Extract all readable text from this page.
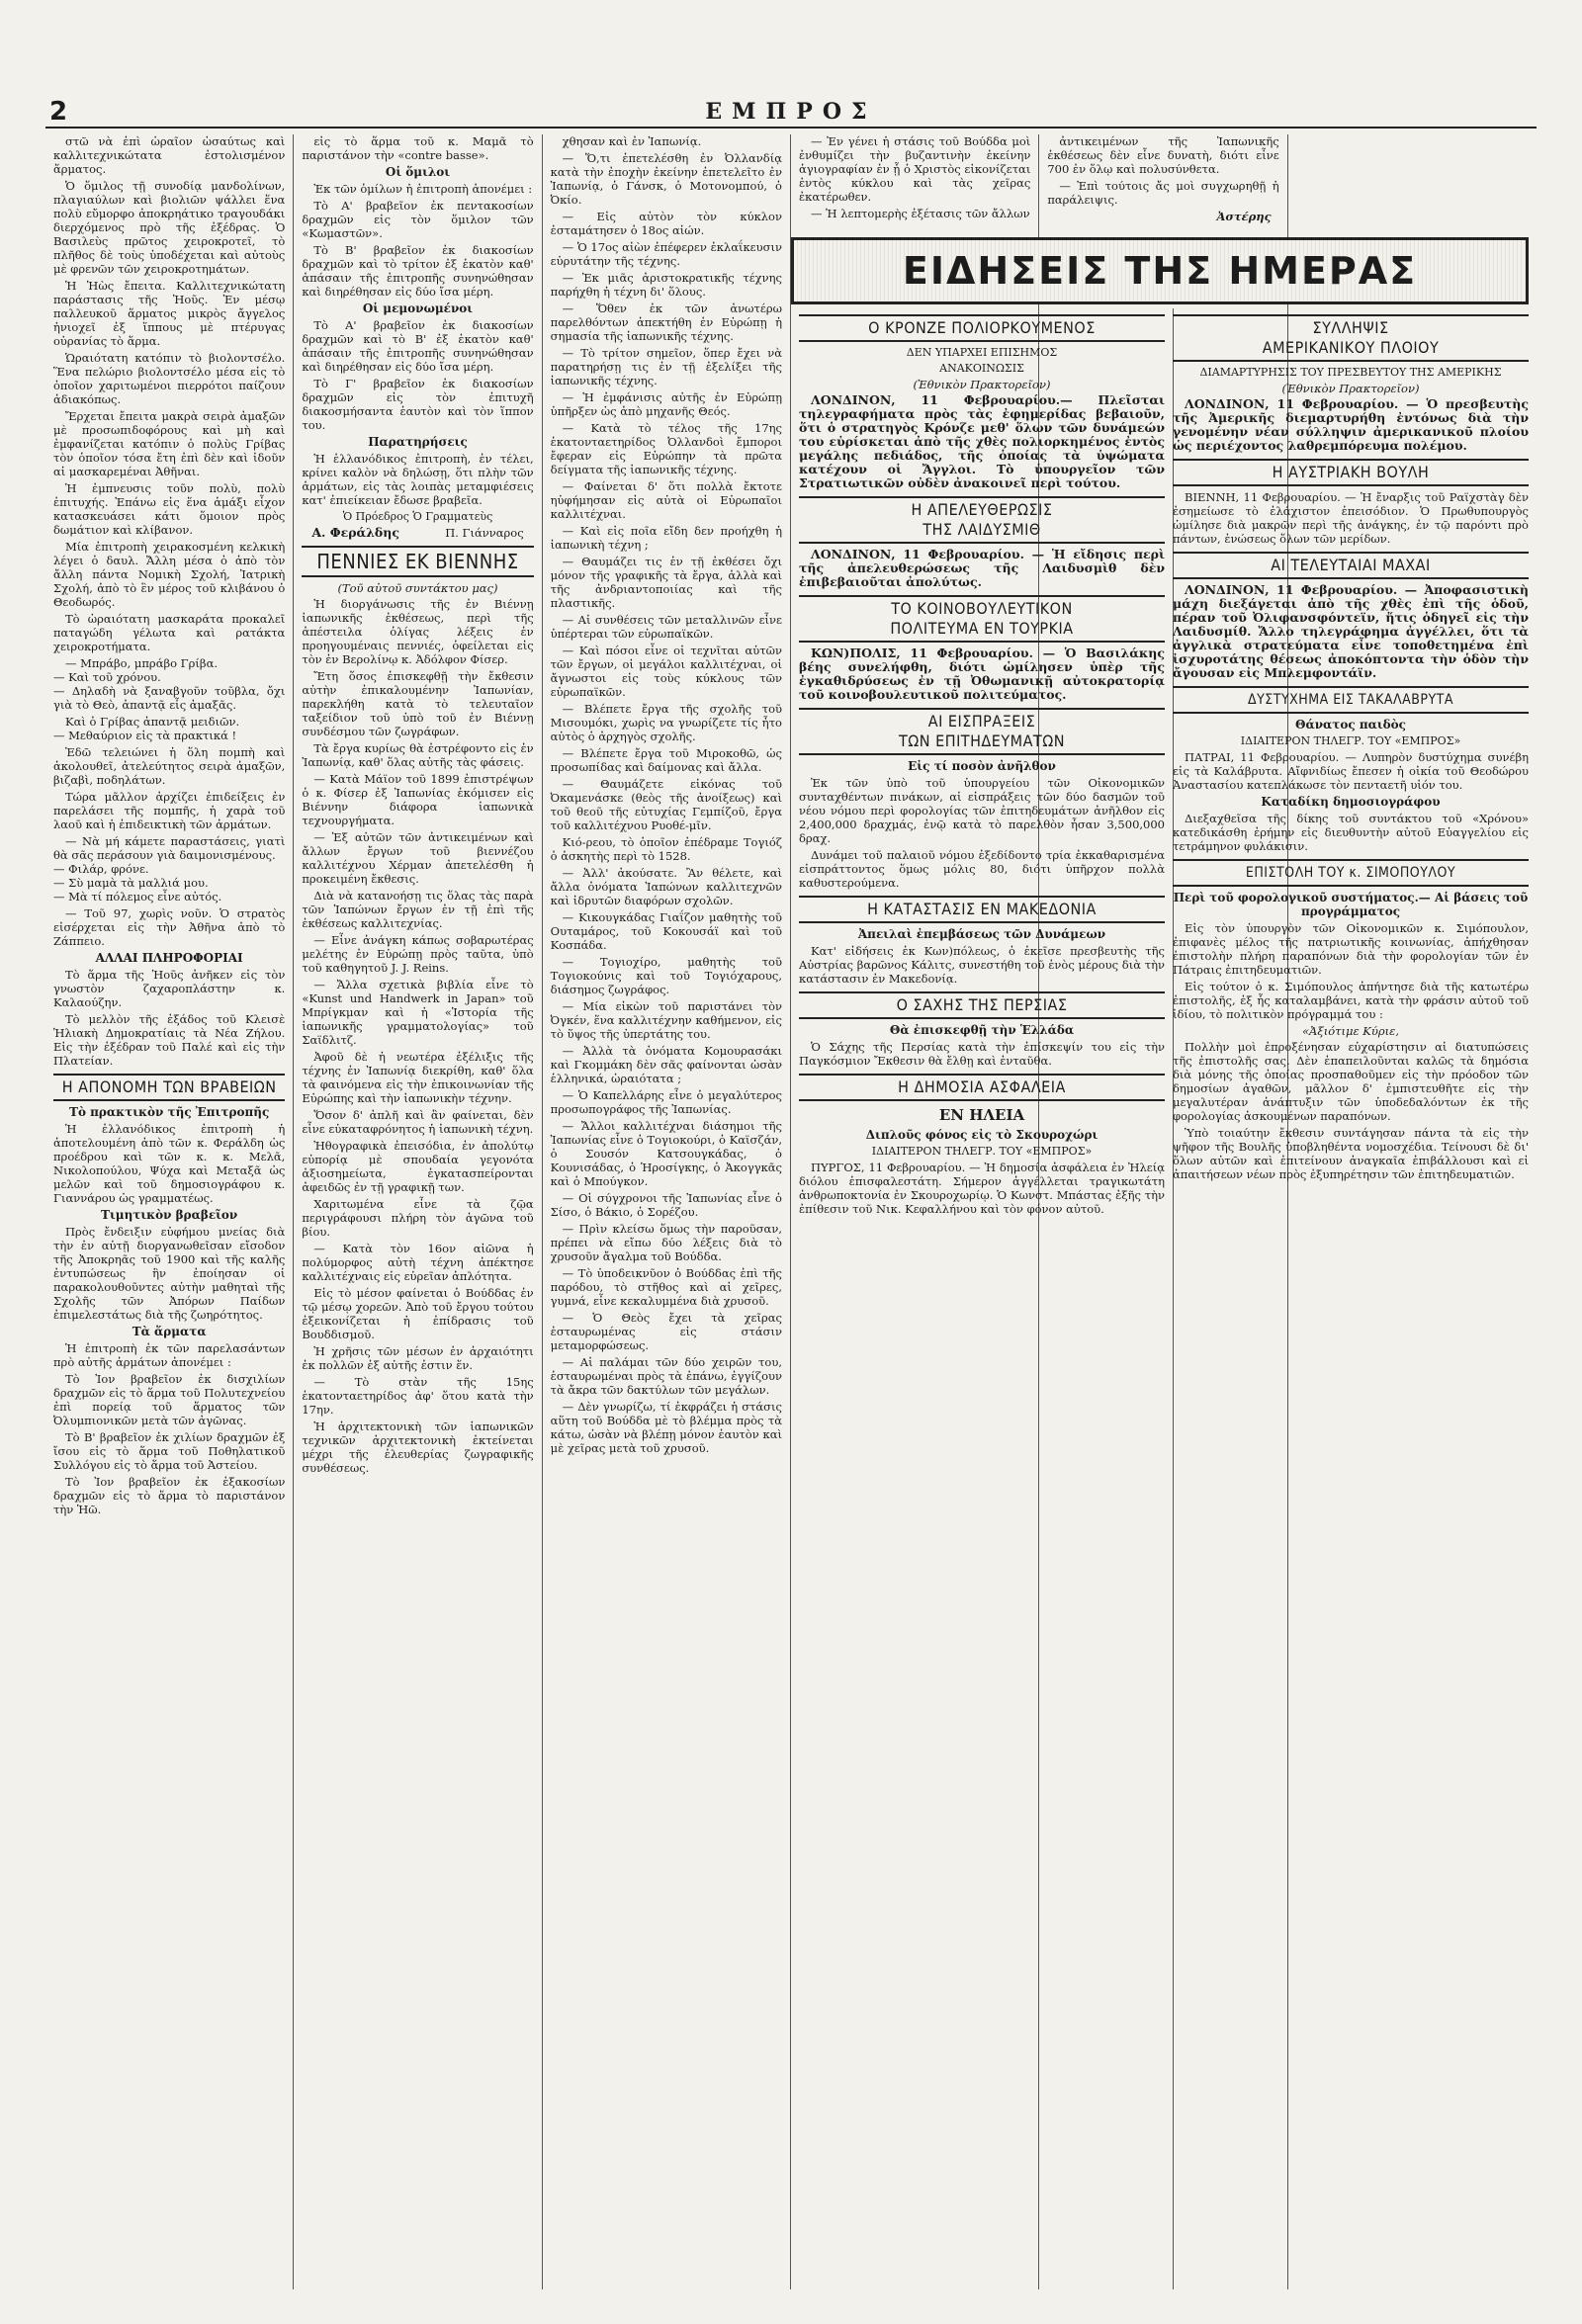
2	ΕΜΠΡΟΣ

στῶ νὰ ἐπὶ ὡραῖον ὡσαύτως καὶ καλλιτεχνικώτατα ἐστολισμένον ἅρματος.

Ὁ ὅμιλος τῇ συνοδίᾳ μανδολίνων, πλαγιαύλων καὶ βιολιῶν ψάλλει ἕνα πολὺ εὔμορφο ἀποκρηάτικο τραγουδάκι διερχόμενος πρὸ τῆς ἐξέδρας. Ὁ Βασιλεὺς πρῶτος χειροκροτεῖ, τὸ πλῆθος δὲ τοὺς ὑποδέχεται καὶ αὐτοὺς μὲ φρενῶν τῶν χειροκροτημάτων.

Ἡ Ἡὼς ἔπειτα. Καλλιτεχνικώτατη παράστασις τῆς Ἠοῦς. Ἐν μέσῳ παλλευκοῦ ἅρματος μικρὸς ἄγγελος ἡνιοχεῖ ἐξ ἵππους μὲ πτέρυγας οὐρανίας τὸ ἅρμα.

Ὡραιότατη κατόπιν τὸ βιολοντσέλο. Ἕνα πελώριο βιολοντσέλο μέσα εἰς τὸ ὁποῖον χαριτωμένοι πιερρότοι παίζουν ἀδιακόπως.

Ἔρχεται ἔπειτα μακρὰ σειρὰ ἀμαξῶν μὲ προσωπιδοφόρους καὶ μὴ καὶ ἐμφανίζεται κατόπιν ὁ πολὺς Γρίβας τὸν ὁποῖον τόσα ἔτη ἐπὶ δὲν καὶ ἰδοῦν αἱ μασκαρεμέναι Ἀθῆναι.

Ἡ ἐμπνευσις τοῦν πολὺ, πολὺ ἐπιτυχής. Ἐπάνω εἰς ἕνα ἁμάξι εἶχον κατασκευάσει κάτι ὅμοιον πρὸς δωμάτιον καὶ κλίβανον.

Μία ἐπιτροπὴ χειρακοσμένη κελκικὴ λέγει ὁ δαυλ. Ἄλλη μέσα ὁ ἀπὸ τὸν ἄλλη πάντα Νομικὴ Σχολή, Ἰατρικὴ Σχολή, ἀπὸ τὸ ἓν μέρος τοῦ κλιβάνου ὁ Θεοδωρός.

Τὸ ὡραιότατη μασκαράτα προκαλεῖ παταγώδη γέλωτα καὶ ρατάκτα χειροκροτήματα.

— Μπράβο, μπράβο Γρίβα.
— Καὶ τοῦ χρόνου.
— Δηλαδὴ νὰ ξαναβγοῦν τοῦβλα, ὄχι γιὰ τὸ Θεὸ, ἀπαντᾷ εἷς ἀμαξᾶς.

Καὶ ὁ Γρίβας ἀπαντᾷ μειδιῶν.
— Μεθαύριον εἰς τὰ πρακτικά !

Ἐδῶ τελειώνει ἡ ὅλη πομπὴ καὶ ἀκολουθεῖ, ἀτελεύτητος σειρὰ ἀμαξῶν, βιζαβὶ, ποδηλάτων.

Τώρα μᾶλλον ἀρχίζει ἐπιδείξεις ἐν παρελάσει τῆς πομπῆς, ἡ χαρὰ τοῦ λαοῦ καὶ ἡ ἐπιδεικτικὴ τῶν ἁρμάτων.

— Νὰ μή κάμετε παραστάσεις, γιατὶ θὰ σᾶς περάσουν γιὰ δαιμονισμένους.
— Φιλάρ, φρόνε.
— Σὺ μαμὰ τὰ μαλλιά μου.
— Μὰ τί πόλεμος εἶνε αὐτός.

— Τοῦ 97, χωρὶς νοῦν. Ὁ στρατὸς εἰσέρχεται εἰς τὴν Ἀθῆνα ἀπὸ τὸ Ζάππειο.

ΑΛΛΑΙ ΠΛΗΡΟΦΟΡΙΑΙ

Τὸ ἅρμα τῆς Ἠοῦς ἀνῆκεν εἰς τὸν γνωστὸν ζαχαροπλάστην κ. Καλαούζην.

Τὸ μελλὸν τῆς ἐξάδος τοῦ Κλεισὲ Ἡλιακὴ Δημοκρατίαις τὰ Νέα Ζήλου. Εἰς τὴν ἐξέδραν τοῦ Παλέ καὶ εἰς τὴν Πλατείαν.

Η ΑΠΟΝΟΜΗ ΤΩΝ ΒΡΑΒΕΙΩΝ
Τὸ πρακτικὸν τῆς Ἐπιτροπῆς

Ἡ ἑλλανόδικος ἐπιτροπὴ ἡ ἀποτελουμένη ἀπὸ τῶν κ. Φεράλδη ὡς προέδρου καὶ τῶν κ. κ. Μελᾶ, Νικολοπούλου, Ψύχα καὶ Μεταξᾶ ὡς μελῶν καὶ τοῦ δημοσιογράφου κ. Γιαννάρου ὡς γραμματέως.

Τιμητικὸν βραβεῖον

Πρὸς ἔνδειξιν εὐφήμου μνείας διὰ τὴν ἐν αὐτῇ διοργανωθεῖσαν εἴσοδον τῆς Ἀποκρηᾶς τοῦ 1900 καὶ τῆς καλῆς ἐντυπώσεως ἣν ἐποίησαν οἱ παρακολουθοῦντες αὐτὴν μαθηταὶ τῆς Σχολῆς τῶν Ἀπόρων Παίδων ἐπιμελεστάτως διὰ τῆς ζωηρότητος.

Τὰ ἅρματα

Ἡ ἐπιτροπὴ ἐκ τῶν παρελασάντων πρὸ αὐτῆς ἁρμάτων ἀπονέμει :

Τὸ Ἰον βραβεῖον ἐκ δισχιλίων δραχμῶν εἰς τὸ ἅρμα τοῦ Πολυτεχνείου ἐπὶ πορείᾳ τοῦ ἅρματος τῶν Ὀλυμπιονικῶν μετὰ τῶν ἀγῶνας.

Τὸ Β' βραβεῖον ἐκ χιλίων δραχμῶν ἐξ ἴσου εἰς τὸ ἅρμα τοῦ Ποθηλατικοῦ Συλλόγου εἰς τὸ ἅρμα τοῦ Ἀστείου.

Τὸ Ἰον βραβεῖον ἐκ ἑξακοσίων δραχμῶν εἰς τὸ ἅρμα τὸ παριστάνον τὴν Ἡῶ.

εἰς τὸ ἅρμα τοῦ κ. Μαμᾶ τὸ παριστάνον τὴν «contre basse».

Οἱ ὅμιλοι

Ἐκ τῶν ὁμίλων ἡ ἐπιτροπὴ ἀπονέμει :

Τὸ Α' βραβεῖον ἐκ πεντακοσίων δραχμῶν εἰς τὸν ὅμιλον τῶν «Κωμαστῶν».

Τὸ Β' βραβεῖον ἐκ διακοσίων δραχμῶν καὶ τὸ τρίτον ἐξ ἑκατὸν καθ' ἁπάσαιν τῆς ἐπιτροπῆς συνηνώθησαν καὶ διηρέθησαν εἰς δύο ἴσα μέρη.

Οἱ μεμονωμένοι

Τὸ Α' βραβεῖον ἐκ διακοσίων δραχμῶν καὶ τὸ Β' ἐξ ἑκατὸν καθ' ἁπάσαιν τῆς ἐπιτροπῆς συνηνώθησαν καὶ διηρέθησαν εἰς δύο ἴσα μέρη.

Τὸ Γ' βραβεῖον ἐκ διακοσίων δραχμῶν εἰς τὸν ἐπιτυχῆ διακοσμήσαντα ἑαυτὸν καὶ τὸν ἵππον του.

Παρατηρήσεις

Ἡ ἑλλανόδικος ἐπιτροπὴ, ἐν τέλει, κρίνει καλὸν νὰ δηλώσῃ, ὅτι πλὴν τῶν ἁρμάτων, εἰς τὰς λοιπὰς μεταμφιέσεις κατ' ἐπιείκειαν ἔδωσε βραβεῖα.

Ὁ Πρόεδρος Ὁ Γραμματεὺς
Α. Φεράλδης	Π. Γιάνναρος
ΠΕΝΝΙΕΣ ΕΚ ΒΙΕΝΝΗΣ
(Τοῦ αὐτοῦ συντάκτου μας)

Ἡ διοργάνωσις τῆς ἐν Βιέννῃ ἰαπωνικῆς ἐκθέσεως, περὶ τῆς ἀπέστειλα ὀλίγας λέξεις ἐν προηγουμέναις πεννιές, ὀφείλεται εἰς τὸν ἐν Βερολίνῳ κ. Ἀδόλφον Φίσερ.

Ἔτη ὅσος ἐπισκεφθῇ τὴν ἔκθεσιν αὐτὴν ἐπικαλουμένην Ἰαπωνίαν, παρεκλήθη κατὰ τὸ τελευταῖον ταξείδιον τοῦ ὑπὸ τοῦ ἐν Βιέννῃ συνδέσμου τῶν ζωγράφων.

Τὰ ἔργα κυρίως θὰ ἐστρέφοντο εἰς ἐν Ἰαπωνίᾳ, καθ' ὅλας αὐτῆς τὰς φάσεις.

— Κατὰ Μάϊον τοῦ 1899 ἐπιστρέψων ὁ κ. Φίσερ ἐξ Ἰαπωνίας ἐκόμισεν εἰς Βιέννην διάφορα ἰαπωνικὰ τεχνουργήματα.

— Ἐξ αὐτῶν τῶν ἀντικειμένων καὶ ἄλλων ἔργων τοῦ βιεννέζου καλλιτέχνου Χέρμαν ἀπετελέσθη ἡ προκειμένη ἔκθεσις.

Διὰ νὰ κατανοήσῃ τις ὅλας τὰς παρὰ τῶν Ἰαπώνων ἔργων ἐν τῇ ἐπὶ τῆς ἐκθέσεως καλλιτεχνίας.

— Εἶνε ἀνάγκη κάπως σοβαρωτέρας μελέτης ἐν Εὐρώπῃ πρὸς ταῦτα, ὑπὸ τοῦ καθηγητοῦ J. J. Reins.

— Ἄλλα σχετικὰ βιβλία εἶνε τὸ «Kunst und Handwerk in Japan» τοῦ Μπρίγκμαν καὶ ἡ «Ἱστορία τῆς ἰαπωνικῆς γραμματολογίας» τοῦ Σαϊδλιτζ.

Ἀφοῦ δὲ ἡ νεωτέρα ἐξέλιξις τῆς τέχνης ἐν Ἰαπωνίᾳ διεκρίθη, καθ' ὅλα τὰ φαινόμενα εἰς τὴν ἐπικοινωνίαν τῆς Εὐρώπης καὶ τὴν ἰαπωνικὴν τέχνην.

Ὅσον δ' ἀπλῆ καὶ ἂν φαίνεται, δὲν εἶνε εὐκαταφρόνητος ἡ ἰαπωνικὴ τέχνη.

Ἡθογραφικὰ ἐπεισόδια, ἐν ἀπολύτῳ εὐπορίᾳ μὲ σπουδαία γεγονότα ἀξιοσημείωτα, ἐγκατασπείρονται ἀφειδῶς ἐν τῇ γραφικῇ των.

Χαριτωμένα εἶνε τὰ ζῷα περιγράφουσι πλήρη τὸν ἀγῶνα τοῦ βίου.

— Κατὰ τὸν 16ον αἰῶνα ἡ πολύμορφος αὐτὴ τέχνη ἀπέκτησε καλλιτέχναις εἰς εὐρεῖαν ἀπλότητα.

Εἰς τὸ μέσον φαίνεται ὁ Βούδδας ἐν τῷ μέσῳ χορεῶν. Ἀπὸ τοῦ ἔργου τούτου ἐξεικονίζεται ἡ ἐπίδρασις τοῦ Βουδδισμοῦ.

Ἡ χρῆσις τῶν μέσων ἐν ἀρχαιότητι ἐκ πολλῶν ἐξ αὐτῆς ἐστιν ἕν.

— Τὸ στὰν τῆς 15ης ἑκατονταετηρίδος ἀφ' ὅτου κατὰ τὴν 17ην.

Ἡ ἀρχιτεκτονικὴ τῶν ἰαπωνικῶν τεχνικῶν ἀρχιτεκτονικὴ ἐκτείνεται μέχρι τῆς ἐλευθερίας ζωγραφικῆς συνθέσεως.

χθησαν καὶ ἐν Ἰαπωνίᾳ.

— Ὅ,τι ἐπετελέσθη ἐν Ὀλλανδίᾳ κατὰ τὴν ἐποχὴν ἐκείνην ἐπετελεῖτο ἐν Ἰαπωνίᾳ, ὁ Γάνσκ, ὁ Μοτονομπού, ὁ Ὀκίο.

— Εἰς αὐτὸν τὸν κύκλον ἐσταμάτησεν ὁ 18ος αἰών.

— Ὁ 17ος αἰὼν ἐπέφερεν ἐκλαΐκευσιν εὐρυτάτην τῆς τέχνης.

— Ἐκ μιᾶς ἀριστοκρατικῆς τέχνης παρήχθη ἡ τέχνη δι' ὅλους.

— Ὅθεν ἐκ τῶν ἀνωτέρω παρελθόντων ἀπεκτήθη ἐν Εὐρώπῃ ἡ σημασία τῆς ἰαπωνικῆς τέχνης.

— Τὸ τρίτον σημεῖον, ὅπερ ἔχει νὰ παρατηρήσῃ τις ἐν τῇ ἐξελίξει τῆς ἰαπωνικῆς τέχνης.

— Ἡ ἐμφάνισις αὐτῆς ἐν Εὐρώπῃ ὑπῆρξεν ὡς ἀπὸ μηχανῆς Θεός.

— Κατὰ τὸ τέλος τῆς 17ης ἑκατονταετηρίδος Ὀλλανδοὶ ἔμποροι ἔφεραν εἰς Εὐρώπην τὰ πρῶτα δείγματα τῆς ἰαπωνικῆς τέχνης.

— Φαίνεται δ' ὅτι πολλὰ ἔκτοτε ηὐφήμησαν εἰς αὐτὰ οἱ Εὐρωπαῖοι καλλιτέχναι.

— Καὶ εἰς ποῖα εἴδη δεν προήχθη ἡ ἰαπωνικὴ τέχνη ;

— Θαυμάζει τις ἐν τῇ ἐκθέσει ὄχι μόνον τῆς γραφικῆς τὰ ἔργα, ἀλλὰ καὶ τῆς ἀνδριαντοποιίας καὶ τῆς πλαστικῆς.

— Αἱ συνθέσεις τῶν μεταλλινῶν εἶνε ὑπέρτεραι τῶν εὐρωπαϊκῶν.

— Καὶ πόσοι εἶνε οἱ τεχνῖται αὐτῶν τῶν ἔργων, οἱ μεγάλοι καλλιτέχναι, οἱ ἄγνωστοι εἰς τοὺς κύκλους τῶν εὐρωπαϊκῶν.

— Βλέπετε ἔργα τῆς σχολῆς τοῦ Μισουμόκι, χωρὶς να γνωρίζετε τίς ἦτο αὐτὸς ὁ ἀρχηγὸς σχολῆς.

— Βλέπετε ἔργα τοῦ Μιροκοθῶ, ὡς προσωπίδας καὶ δαίμονας καὶ ἄλλα.

— Θαυμάζετε εἰκόνας τοῦ Ὀκαμενάσκε (θεὸς τῆς ἀνοίξεως) καὶ τοῦ θεοῦ τῆς εὐτυχίας Γεμπίζοῦ, ἔργα τοῦ καλλιτέχνου Ρυοθέ-μῖν.

Κιό-ρεου, τὸ ὁποῖον ἐπέδραμε Τογιόζ ὁ ἀσκητὴς περὶ τὸ 1528.

— Ἀλλ' ἀκούσατε. Ἂν θέλετε, καὶ ἄλλα ὀνόματα Ἰαπώνων καλλιτεχνῶν καὶ ἱδρυτῶν διαφόρων σχολῶν.

— Κικουγκάδας Γιαΐζον μαθητὴς τοῦ Ουταμάρος, τοῦ Κοκουσάϊ καὶ τοῦ Κοσπάδα.

— Τογιοχίρο, μαθητὴς τοῦ Τογιοκούνις καὶ τοῦ Τογιόχαρους, διάσημος ζωγράφος.

— Μία εἰκὼν τοῦ παριστάνει τὸν Ὀγκέν, ἕνα καλλιτέχνην καθήμενον, εἰς τὸ ὕψος τῆς ὑπερτάτης του.

— Ἀλλὰ τὰ ὀνόματα Κομουρασάκι καὶ Γκομμάκη δὲν σᾶς φαίνονται ὡσὰν ἑλληνικά, ὡραιότατα ;

— Ὁ Καπελλάρης εἶνε ὁ μεγαλύτερος προσωπογράφος τῆς Ἰαπωνίας.

— Ἄλλοι καλλιτέχναι διάσημοι τῆς Ἰαπωνίας εἶνε ὁ Τογιοκούρι, ὁ Καϊσζάν, ὁ Σουσόν Κατσουγκάδας, ὁ Κουνισάδας, ὁ Ἡροσίγκης, ὁ Ἀκογγκᾶς καὶ ὁ Μπούγκον.

— Οἱ σύγχρονοι τῆς Ἰαπωνίας εἶνε ὁ Σίσο, ὁ Βάκιο, ὁ Σορέζου.

— Πρὶν κλείσω ὅμως τὴν παροῦσαν, πρέπει νὰ εἴπω δύο λέξεις διὰ τὸ χρυσοῦν ἄγαλμα τοῦ Βούδδα.

— Τὸ ὑποδεικνῦον ὁ Βούδδας ἐπὶ τῆς παρόδου, τὸ στῆθος καὶ αἱ χεῖρες, γυμνά, εἶνε κεκαλυμμένα διὰ χρυσοῦ.

— Ὁ Θεὸς ἔχει τὰ χεῖρας ἐσταυρωμένας εἰς στάσιν μεταμορφώσεως.

— Αἱ παλάμαι τῶν δύο χειρῶν του, ἐσταυρωμέναι πρὸς τὰ ἐπάνω, ἐγγίζουν τὰ ἄκρα τῶν δακτύλων τῶν μεγάλων.

— Δὲν γνωρίζω, τί ἐκφράζει ἡ στάσις αὕτη τοῦ Βούδδα μὲ τὸ βλέμμα πρὸς τὰ κάτω, ὡσὰν νὰ βλέπῃ μόνον ἑαυτὸν καὶ μὲ χεῖρας μετὰ τοῦ χρυσοῦ.

— Ἐν γένει ἡ στάσις τοῦ Βούδδα μοὶ ἐνθυμίζει τὴν βυζαντινὴν ἐκείνην ἁγιογραφίαν ἐν ᾗ ὁ Χριστὸς εἰκονίζεται ἐντὸς κύκλου καὶ τὰς χεῖρας ἐκατέρωθεν.

— Ἡ λεπτομερὴς ἐξέτασις τῶν ἄλλων

ἀντικειμένων τῆς Ἰαπωνικῆς ἐκθέσεως δὲν εἶνε δυνατὴ, διότι εἶνε 700 ἐν ὅλῳ καὶ πολυσύνθετα.

— Ἐπὶ τούτοις ἄς μοὶ συγχωρηθῇ ἡ παράλειψις.

Ἀστέρης
ΕΙΔΗΣΕΙΣ ΤΗΣ ΗΜΕΡΑΣ
Ο ΚΡΟΝΖΕ ΠΟΛΙΟΡΚΟΥΜΕΝΟΣ
ΔΕΝ ΥΠΑΡΧΕΙ ΕΠΙΣΗΜΟΣ
ΑΝΑΚΟΙΝΩΣΙΣ
(Ἑθνικὸν Πρακτορεῖον)

ΛΟΝΔΙΝΟΝ, 11 Φεβρουαρίου.— Πλεῖσται τηλεγραφήματα πρὸς τὰς ἐφημερίδας βεβαιοῦν, ὅτι ὁ στρατηγὸς Κρόνζε μεθ' ὅλων τῶν δυνάμεών του εὑρίσκεται ἀπὸ τῆς χθὲς πολιορκημένος ἐντὸς μεγάλης πεδιάδος, τῆς ὁποίας τὰ ὑψώματα κατέχουν οἱ Ἄγγλοι. Τὸ ὑπουργεῖον τῶν Στρατιωτικῶν οὐδὲν ἀνακοινεῖ περὶ τούτου.

Η ΑΠΕΛΕΥΘΕΡΩΣΙΣ
ΤΗΣ ΛΑΙΔΥΣΜΙΘ

ΛΟΝΔΙΝΟΝ, 11 Φεβρουαρίου. — Ἡ εἴδησις περὶ τῆς ἀπελευθερώσεως τῆς Λαιδυσμὶθ δὲν ἐπιβεβαιοῦται ἀπολύτως.

ΤΟ ΚΟΙΝΟΒΟΥΛΕΥΤΙΚΟΝ
ΠΟΛΙΤΕΥΜΑ ΕΝ ΤΟΥΡΚΙΑ

ΚΩΝ)ΠΟΛΙΣ, 11 Φεβρουαρίου. — Ὁ Βασιλάκης βέης συνελήφθη, διότι ὡμίλησεν ὑπὲρ τῆς ἐγκαθιδρύσεως ἐν τῇ Ὀθωμανικῇ αὐτοκρατορίᾳ τοῦ κοινοβουλευτικοῦ πολιτεύματος.

ΑΙ ΕΙΣΠΡΑΞΕΙΣ
ΤΩΝ ΕΠΙΤΗΔΕΥΜΑΤΩΝ
Εἰς τί ποσὸν ἀνῆλθον

Ἐκ τῶν ὑπὸ τοῦ ὑπουργείου τῶν Οἰκονομικῶν συνταχθέντων πινάκων, αἱ εἰσπράξεις τῶν δύο δασμῶν τοῦ νέου νόμου περὶ φορολογίας τῶν ἐπιτηδευμάτων ἀνῆλθον εἰς 2,400,000 δραχμάς, ἐνῷ κατὰ τὸ παρελθὸν ἦσαν 3,500,000 δραχ.

Δυνάμει τοῦ παλαιοῦ νόμου ἐξεδίδοντο τρία ἐκκαθαρισμένα εἰσπράττοντος ὅμως μόλις 80, διότι ὑπῆρχον πολλὰ καθυστερούμενα.

Η ΚΑΤΑΣΤΑΣΙΣ ΕΝ ΜΑΚΕΔΟΝΙΑ
Ἀπειλαὶ ἐπεμβάσεως τῶν Δυνάμεων

Κατ' εἰδήσεις ἐκ Κων)πόλεως, ὁ ἐκεῖσε πρεσβευτὴς τῆς Αὐστρίας βαρῶνος Κάλιτς, συνεστήθη τοῦ ἑνὸς μέρους διὰ τὴν κατάστασιν ἐν Μακεδονίᾳ.

Ο ΣΑΧΗΣ ΤΗΣ ΠΕΡΣΙΑΣ
Θὰ ἐπισκεφθῇ τὴν Ἑλλάδα

Ὁ Σάχης τῆς Περσίας κατὰ τὴν ἐπίσκεψίν του εἰς τὴν Παγκόσμιον Ἔκθεσιν θὰ ἔλθῃ καὶ ἐνταῦθα.

Η ΔΗΜΟΣΙΑ ΑΣΦΑΛΕΙΑ
ΕΝ ΗΛΕΙΑ
Διπλοῦς φόνος εἰς τὸ Σκουροχώρι
ΙΔΙΑΙΤΕΡΟΝ ΤΗΛΕΓΡ. ΤΟΥ «ΕΜΠΡΟΣ»

ΠΥΡΓΟΣ, 11 Φεβρουαρίου. — Ἡ δημοσία ἀσφάλεια ἐν Ἠλείᾳ διόλου ἐπισφαλεστάτη. Σήμερον ἀγγέλλεται τραγικωτάτη ἀνθρωποκτονία ἐν Σκουροχωρίῳ. Ὁ Κωνστ. Μπάστας ἐξῆς τὴν ἐπίθεσιν τοῦ Νικ. Κεφαλλήνου καὶ τὸν φόνον αὐτοῦ.

ΣΥΛΛΗΨΙΣ
ΑΜΕΡΙΚΑΝΙΚΟΥ ΠΛΟΙΟΥ
ΔΙΑΜΑΡΤΥΡΗΣΙΣ ΤΟΥ ΠΡΕΣΒΕΥΤΟΥ ΤΗΣ ΑΜΕΡΙΚΗΣ
(Ἑθνικὸν Πρακτορεῖον)

ΛΟΝΔΙΝΟΝ, 11 Φεβρουαρίου. — Ὁ πρεσβευτὴς τῆς Ἀμερικῆς διεμαρτυρήθη ἐντόνως διὰ τὴν γενομένην νέαν σύλληψιν ἀμερικανικοῦ πλοίου ὡς περιέχοντος λαθρεμπόρευμα πολέμου.

Η ΑΥΣΤΡΙΑΚΗ ΒΟΥΛΗ

ΒΙΕΝΝΗ, 11 Φεβρουαρίου. — Ἡ ἔναρξις τοῦ Ραϊχστὰγ δὲν ἐσημείωσε τὸ ἐλάχιστον ἐπεισόδιον. Ὁ Πρωθυπουργὸς ὡμίλησε διὰ μακρῶν περὶ τῆς ἀνάγκης, ἐν τῷ παρόντι πρὸ πάντων, ἑνώσεως ὅλων τῶν μερίδων.

ΑΙ ΤΕΛΕΥΤΑΙΑΙ ΜΑΧΑΙ

ΛΟΝΔΙΝΟΝ, 11 Φεβρουαρίου. — Ἀποφασιστικὴ μάχη διεξάγεται ἀπὸ τῆς χθὲς ἐπὶ τῆς ὁδοῦ, πέραν τοῦ Ὀλιφανσφόντεϊν, ἥτις ὁδηγεῖ εἰς τὴν Λαιδυσμίθ. Ἄλλο τηλεγράφημα ἀγγέλλει, ὅτι τὰ ἀγγλικὰ στρατεύματα εἶνε τοποθετημένα ἐπὶ ἰσχυροτάτης θέσεως ἀποκόπτοντα τὴν ὁδὸν τὴν ἄγουσαν εἰς Μπλεμφοντάϊν.

ΔΥΣΤΥΧΗΜΑ ΕΙΣ ΤΑΚΑΛΑΒΡΥΤΑ
Θάνατος παιδὸς
ΙΔΙΑΙΤΕΡΟΝ ΤΗΛΕΓΡ. ΤΟΥ «ΕΜΠΡΟΣ»

ΠΑΤΡΑΙ, 11 Φεβρουαρίου. — Λυπηρὸν δυστύχημα συνέβη εἰς τὰ Καλάβρυτα. Αἴφνιδίως ἔπεσεν ἡ οἰκία τοῦ Θεοδώρου Ἀναστασίου κατεπλάκωσε τὸν πενταετῆ υἱόν του.

Καταδίκη δημοσιογράφου

Διεξαχθεῖσα τῆς δίκης τοῦ συντάκτου τοῦ «Χρόνου» κατεδικάσθη ἐρήμην εἰς διευθυντὴν αὐτοῦ Εὐαγγελίου εἰς τετράμηνον φυλάκισιν.

ΕΠΙΣΤΟΛΗ ΤΟΥ κ. ΣΙΜΟΠΟΥΛΟΥ
Περὶ τοῦ φορολογικοῦ συστήματος.— Αἱ βάσεις τοῦ προγράμματος

Εἰς τὸν ὑπουργὸν τῶν Οἰκονομικῶν κ. Σιμόπουλον, ἐπιφανὲς μέλος τῆς πατριωτικῆς κοινωνίας, ἀπήχθησαν ἐπιστολὴν πλήρη παραπόνων διὰ τὴν φορολογίαν τῶν ἐν Πάτραις ἐπιτηδευματιῶν.

Εἰς τούτον ὁ κ. Σιμόπουλος ἀπήντησε διὰ τῆς κατωτέρω ἐπιστολῆς, ἐξ ἧς καταλαμβάνει, κατὰ τὴν φράσιν αὐτοῦ τοῦ ἰδίου, τὸ πολιτικὸν πρόγραμμά του :

«Ἀξιότιμε Κύριε,

Πολλὴν μοὶ ἐπροξένησαν εὐχαρίστησιν αἱ διατυπώσεις τῆς ἐπιστολῆς σας. Δὲν ἐπαπειλοῦνται καλῶς τὰ δημόσια διὰ μόνης τῆς ὁποίας προσπαθοῦμεν εἰς τὴν πρόοδον τῶν δημοσίων ἀγαθῶν, μᾶλλον δ' ἐμπιστευθῆτε εἰς τὴν μεγαλυτέραν ἀνάπτυξιν τῶν ὑποδεδαλόντων ἐκ τῆς φορολογίας ἀσκουμένων παραπόνων.

Ὑπὸ τοιαύτην ἔκθεσιν συντάγησαν πάντα τὰ εἰς τὴν ψῆφον τῆς Βουλῆς ὑποβληθέντα νομοσχέδια. Τείνουσι δὲ δι' ὅλων αὐτῶν καὶ ἐπιτείνουν ἀναγκαῖα ἐπιβάλλουσι καὶ εἰ ἀπαιτήσεων νέων πρὸς ἐξυπηρέτησιν τῶν ἐπιτηδευματιῶν.
